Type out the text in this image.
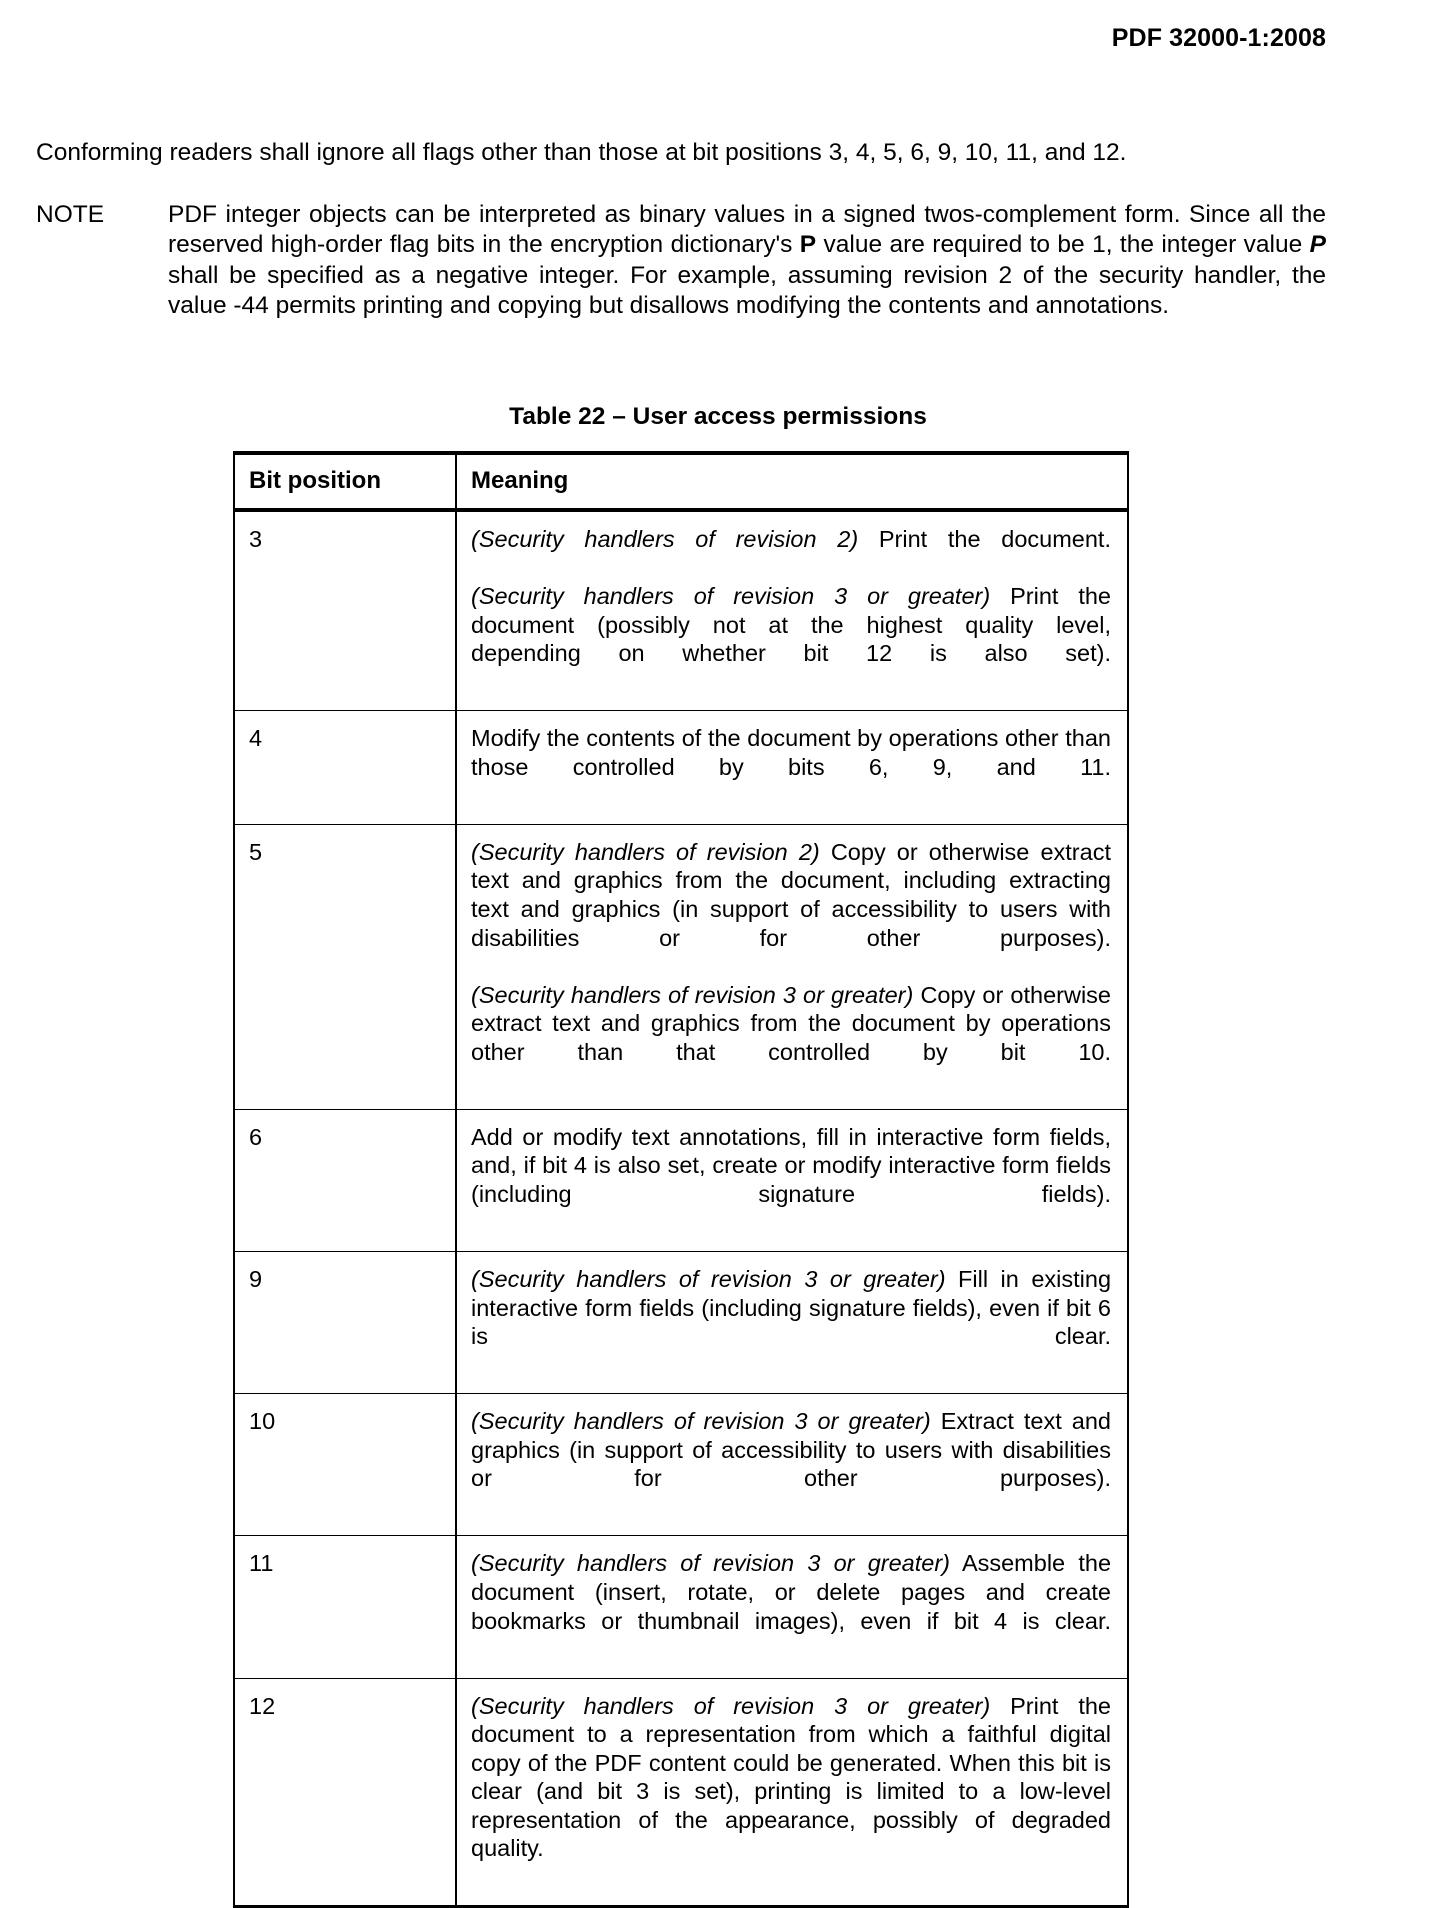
PDF 32000-1:2008
Conforming readers shall ignore all flags other than those at bit positions 3, 4, 5, 6, 9, 10, 11, and 12.
NOTE	PDF integer objects can be interpreted as binary values in a signed twos-complement form. Since all the reserved high-order flag bits in the encryption dictionary's P value are required to be 1, the integer value P shall be specified as a negative integer. For example, assuming revision 2 of the security handler, the value -44 permits printing and copying but disallows modifying the contents and annotations.
Table 22 – User access permissions
Bit position	Meaning
3	(Security handlers of revision 2) Print the document.

(Security handlers of revision 3 or greater) Print the document (possibly not at the highest quality level, depending on whether bit 12 is also set).

4	Modify the contents of the document by operations other than those controlled by bits 6, 9, and 11.

5	(Security handlers of revision 2) Copy or otherwise extract text and graphics from the document, including extracting text and graphics (in support of accessibility to users with disabilities or for other purposes).

(Security handlers of revision 3 or greater) Copy or otherwise extract text and graphics from the document by operations other than that controlled by bit 10.

6	Add or modify text annotations, fill in interactive form fields, and, if bit 4 is also set, create or modify interactive form fields (including signature fields).

9	(Security handlers of revision 3 or greater) Fill in existing interactive form fields (including signature fields), even if bit 6 is clear.

10	(Security handlers of revision 3 or greater) Extract text and graphics (in support of accessibility to users with disabilities or for other purposes).

11	(Security handlers of revision 3 or greater) Assemble the document (insert, rotate, or delete pages and create bookmarks or thumbnail images), even if bit 4 is clear.

12	(Security handlers of revision 3 or greater) Print the document to a representation from which a faithful digital copy of the PDF content could be generated. When this bit is clear (and bit 3 is set), printing is limited to a low-level representation of the appearance, possibly of degraded quality.
